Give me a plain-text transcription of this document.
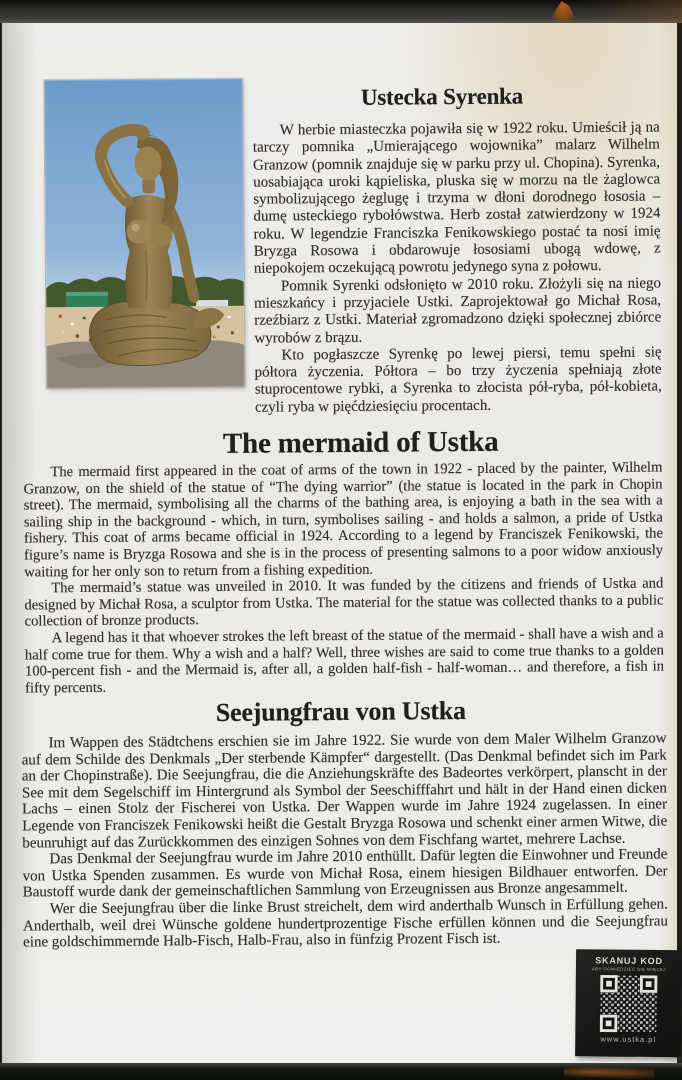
Ustecka Syrenka

W herbie miasteczka pojawiła się w 1922 roku. Umieścił ją na tarczy pomnika „Umierającego wojownika” malarz Wilhelm Granzow (pomnik znajduje się w parku przy ul. Chopina). Syrenka, uosabiająca uroki kąpieliska, pluska się w morzu na tle żaglowca symbolizującego żeglugę i trzyma w dłoni dorodnego łososia – dumę usteckiego rybołówstwa. Herb został zatwierdzony w 1924 roku. W legendzie Franciszka Fenikowskiego postać ta nosi imię Bryzga Rosowa i obdarowuje łososiami ubogą wdowę, z niepokojem oczekującą powrotu jedynego syna z połowu.

Pomnik Syrenki odsłonięto w 2010 roku. Złożyli się na niego mieszkańcy i przyjaciele Ustki. Zaprojektował go Michał Rosa, rzeźbiarz z Ustki. Materiał zgromadzono dzięki społecznej zbiórce wyrobów z brązu.

Kto pogłaszcze Syrenkę po lewej piersi, temu spełni się półtora życzenia. Półtora – bo trzy życzenia spełniają złote stuprocentowe rybki, a Syrenka to złocista pół-ryba, pół-kobieta, czyli ryba w pięćdziesięciu procentach.

The mermaid of Ustka

The mermaid first appeared in the coat of arms of the town in 1922 - placed by the painter, Wilhelm Granzow, on the shield of the statue of “The dying warrior” (the statue is located in the park in Chopin street). The mermaid, symbolising all the charms of the bathing area, is enjoying a bath in the sea with a sailing ship in the background - which, in turn, symbolises sailing - and holds a salmon, a pride of Ustka fishery. This coat of arms became official in 1924. According to a legend by Franciszek Fenikowski, the figure’s name is Bryzga Rosowa and she is in the process of presenting salmons to a poor widow anxiously waiting for her only son to return from a fishing expedition.

The mermaid’s statue was unveiled in 2010. It was funded by the citizens and friends of Ustka and designed by Michał Rosa, a sculptor from Ustka. The material for the statue was collected thanks to a public collection of bronze products.

A legend has it that whoever strokes the left breast of the statue of the mermaid - shall have a wish and a half come true for them. Why a wish and a half? Well, three wishes are said to come true thanks to a golden 100-percent fish - and the Mermaid is, after all, a golden half-fish - half-woman… and therefore, a fish in fifty percents.

Seejungfrau von Ustka

Im Wappen des Städtchens erschien sie im Jahre 1922. Sie wurde von dem Maler Wilhelm Granzow auf dem Schilde des Denkmals „Der sterbende Kämpfer“ dargestellt. (Das Denkmal befindet sich im Park an der Chopinstraße). Die Seejungfrau, die die Anziehungskräfte des Badeortes verkörpert, planscht in der See mit dem Segelschiff im Hintergrund als Symbol der Seeschifffahrt und hält in der Hand einen dicken Lachs – einen Stolz der Fischerei von Ustka. Der Wappen wurde im Jahre 1924 zugelassen. In einer Legende von Franciszek Fenikowski heißt die Gestalt Bryzga Rosowa und schenkt einer armen Witwe, die beunruhigt auf das Zurückkommen des einzigen Sohnes von dem Fischfang wartet, mehrere Lachse.

Das Denkmal der Seejungfrau wurde im Jahre 2010 enthüllt. Dafür legten die Einwohner und Freunde von Ustka Spenden zusammen. Es wurde von Michał Rosa, einem hiesigen Bildhauer entworfen. Der Baustoff wurde dank der gemeinschaftlichen Sammlung von Erzeugnissen aus Bronze angesammelt.

Wer die Seejungfrau über die linke Brust streichelt, dem wird anderthalb Wunsch in Erfüllung gehen. Anderthalb, weil drei Wünsche goldene hundertprozentige Fische erfüllen können und die Seejungfrau eine goldschimmernde Halb-Fisch, Halb-Frau, also in fünfzig Prozent Fisch ist.

SKANUJ KOD
ABY DOWIEDZIEĆ SIĘ WIĘCEJ
www.ustka.pl
